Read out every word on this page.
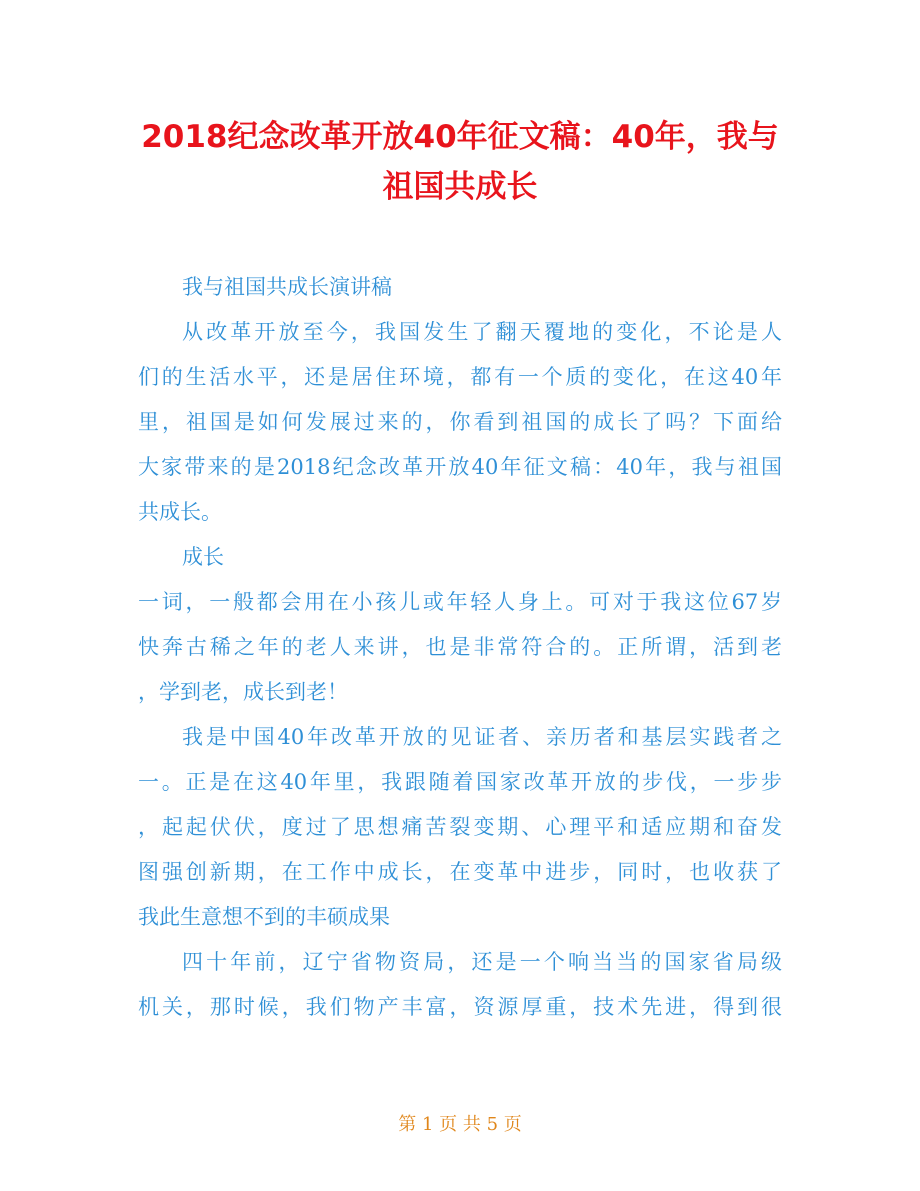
2018纪念改革开放40年征文稿：40年，我与
祖国共成长
我与祖国共成长演讲稿
从改革开放至今，我国发生了翻天覆地的变化，不论是人
们的生活水平，还是居住环境，都有一个质的变化，在这40年
里，祖国是如何发展过来的，你看到祖国的成长了吗？下面给
大家带来的是2018纪念改革开放40年征文稿：40年，我与祖国
共成长。
成长
一词，一般都会用在小孩儿或年轻人身上。可对于我这位67岁
快奔古稀之年的老人来讲，也是非常符合的。正所谓，活到老
，学到老，成长到老！
我是中国40年改革开放的见证者、亲历者和基层实践者之
一。正是在这40年里，我跟随着国家改革开放的步伐，一步步
，起起伏伏，度过了思想痛苦裂变期、心理平和适应期和奋发
图强创新期，在工作中成长，在变革中进步，同时，也收获了
我此生意想不到的丰硕成果
四十年前，辽宁省物资局，还是一个响当当的国家省局级
机关，那时候，我们物产丰富，资源厚重，技术先进，得到很
第 1 页 共 5 页
